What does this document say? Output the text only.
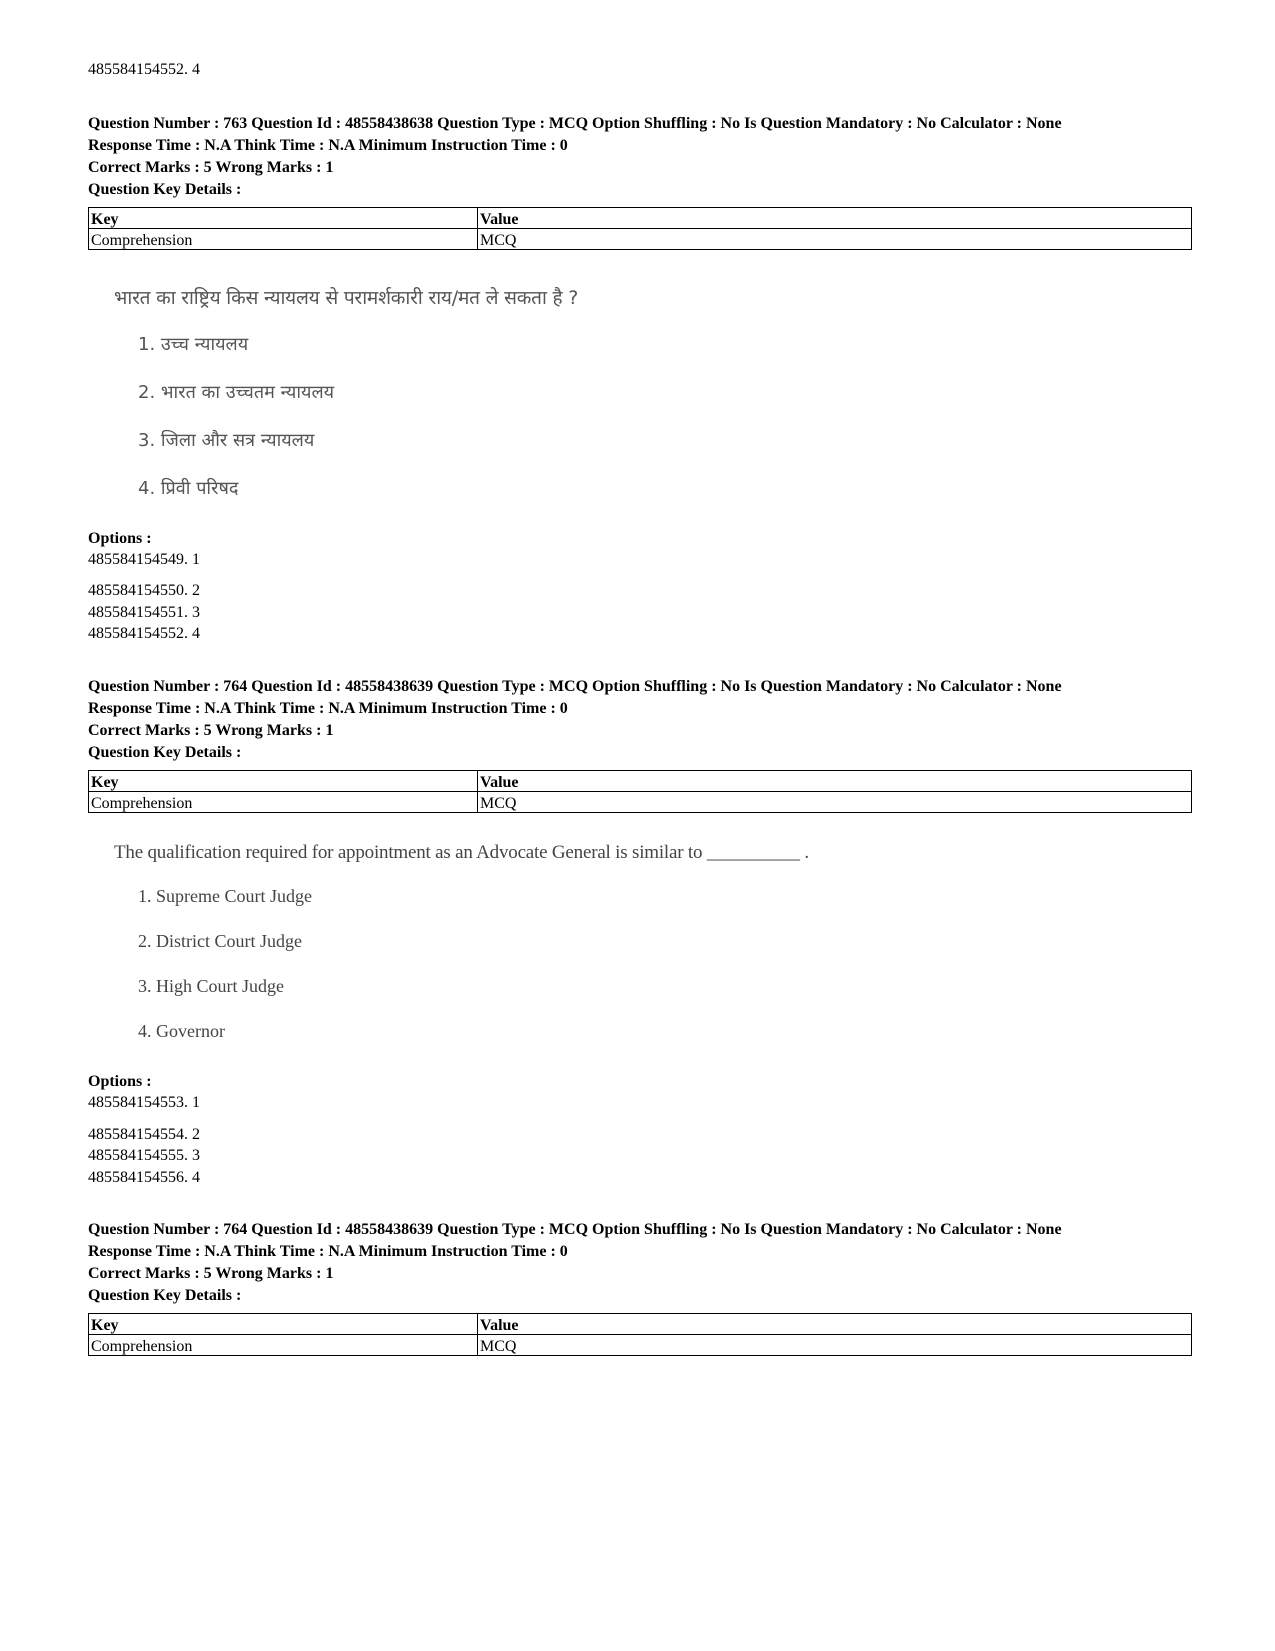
485584154552. 4
Question Number : 763 Question Id : 48558438638 Question Type : MCQ Option Shuffling : No Is Question Mandatory : No Calculator : None
Response Time : N.A Think Time : N.A Minimum Instruction Time : 0
Correct Marks : 5 Wrong Marks : 1
Question Key Details :
Key	Value
Comprehension	MCQ
भारत का राष्ट्रिय किस न्यायलय से परामर्शकारी राय/मत ले सकता है ?
1. उच्च न्यायलय
2. भारत का उच्चतम न्यायलय
3. जिला और सत्र न्यायलय
4. प्रिवी परिषद
Options :
485584154549. 1
485584154550. 2
485584154551. 3
485584154552. 4
Question Number : 764 Question Id : 48558438639 Question Type : MCQ Option Shuffling : No Is Question Mandatory : No Calculator : None
Response Time : N.A Think Time : N.A Minimum Instruction Time : 0
Correct Marks : 5 Wrong Marks : 1
Question Key Details :
Key	Value
Comprehension	MCQ
The qualification required for appointment as an Advocate General is similar to __________ .
1. Supreme Court Judge
2. District Court Judge
3. High Court Judge
4. Governor
Options :
485584154553. 1
485584154554. 2
485584154555. 3
485584154556. 4
Question Number : 764 Question Id : 48558438639 Question Type : MCQ Option Shuffling : No Is Question Mandatory : No Calculator : None
Response Time : N.A Think Time : N.A Minimum Instruction Time : 0
Correct Marks : 5 Wrong Marks : 1
Question Key Details :
Key	Value
Comprehension	MCQ
